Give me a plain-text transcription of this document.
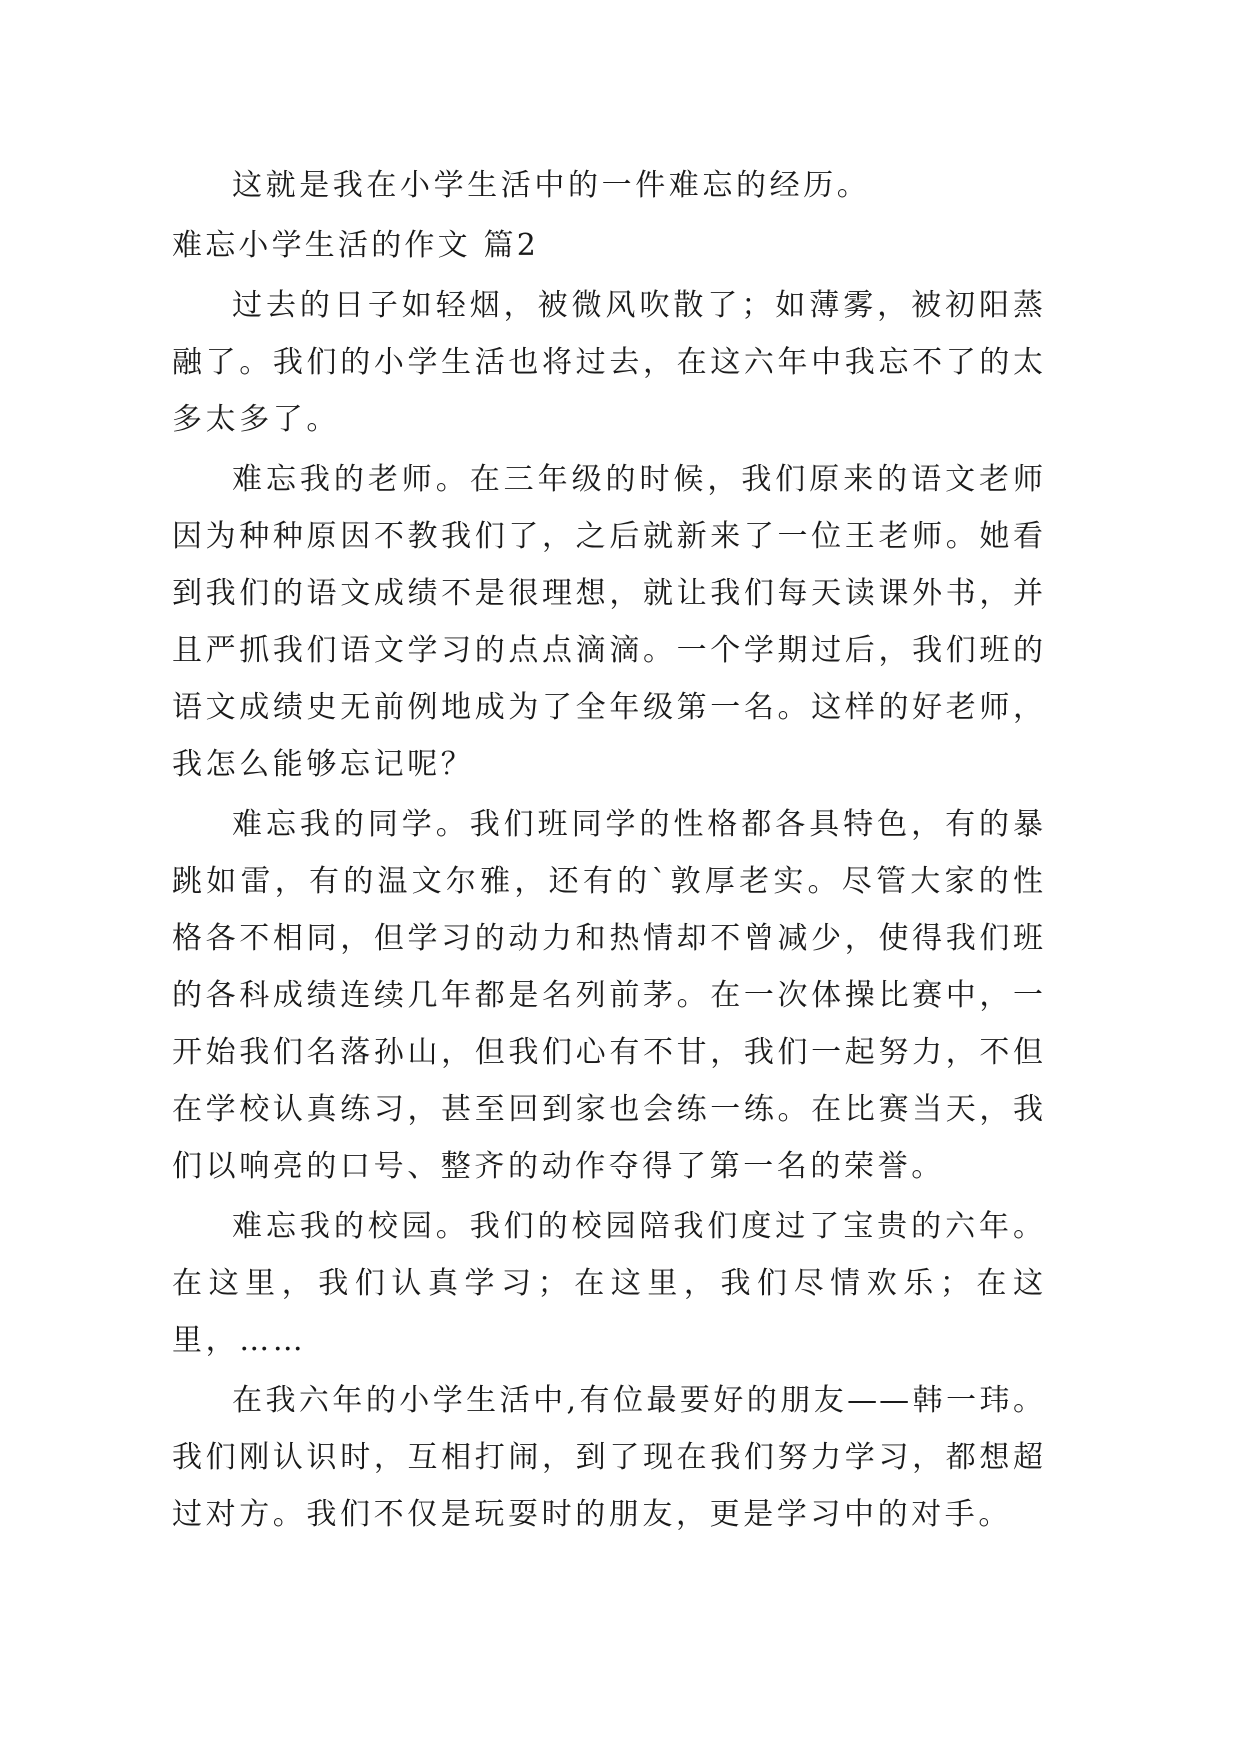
这就是我在小学生活中的一件难忘的经历。
难忘小学生活的作文 篇2
过去的日子如轻烟，被微风吹散了；如薄雾，被初阳蒸
融了。我们的小学生活也将过去，在这六年中我忘不了的太
多太多了。
难忘我的老师。在三年级的时候，我们原来的语文老师
因为种种原因不教我们了，之后就新来了一位王老师。她看
到我们的语文成绩不是很理想，就让我们每天读课外书，并
且严抓我们语文学习的点点滴滴。一个学期过后，我们班的
语文成绩史无前例地成为了全年级第一名。这样的好老师，
我怎么能够忘记呢？
难忘我的同学。我们班同学的性格都各具特色，有的暴
跳如雷，有的温文尔雅，还有的`敦厚老实。尽管大家的性
格各不相同，但学习的动力和热情却不曾减少，使得我们班
的各科成绩连续几年都是名列前茅。在一次体操比赛中，一
开始我们名落孙山，但我们心有不甘，我们一起努力，不但
在学校认真练习，甚至回到家也会练一练。在比赛当天，我
们以响亮的口号、整齐的动作夺得了第一名的荣誉。
难忘我的校园。我们的校园陪我们度过了宝贵的六年。
在这里，我们认真学习；在这里，我们尽情欢乐；在这
里，……
在我六年的小学生活中,有位最要好的朋友——韩一玮。
我们刚认识时，互相打闹，到了现在我们努力学习，都想超
过对方。我们不仅是玩耍时的朋友，更是学习中的对手。
